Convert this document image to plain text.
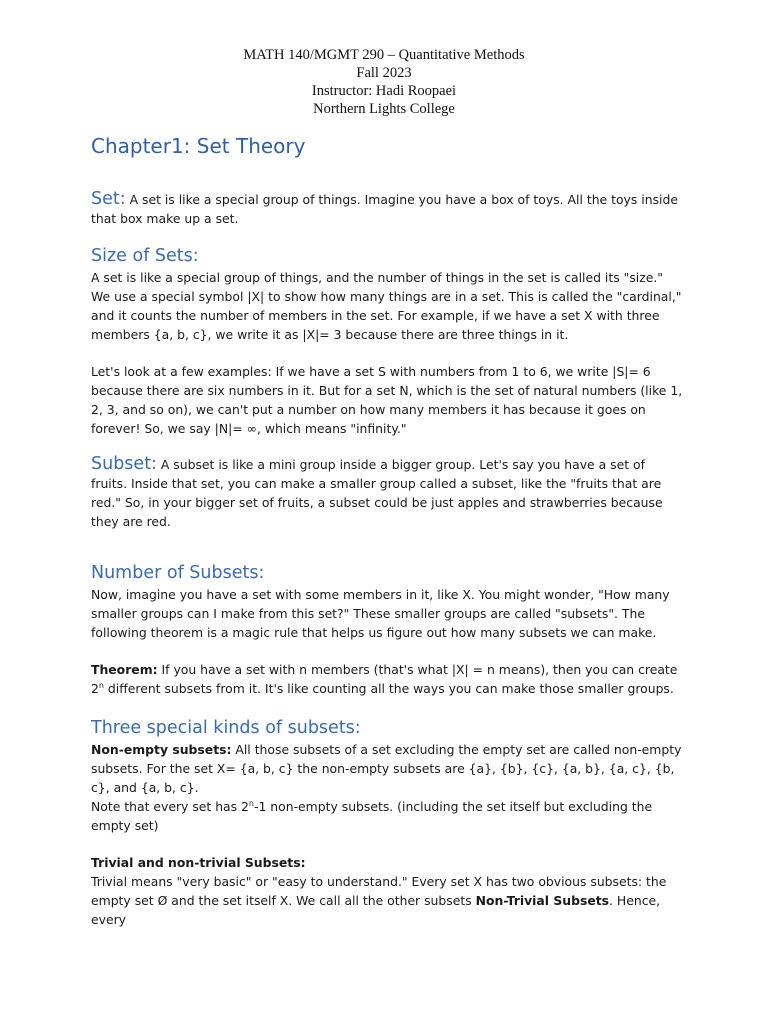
MATH 140/MGMT 290 – Quantitative Methods
Fall 2023
Instructor: Hadi Roopaei
Northern Lights College
Chapter1: Set Theory

Set: A set is like a special group of things. Imagine you have a box of toys. All the toys inside that box make up a set.

Size of Sets:

A set is like a special group of things, and the number of things in the set is called its "size." We use a special symbol |X| to show how many things are in a set. This is called the "cardinal," and it counts the number of members in the set. For example, if we have a set X with three members {a, b, c}, we write it as |X|= 3 because there are three things in it.

Let's look at a few examples: If we have a set S with numbers from 1 to 6, we write |S|= 6 because there are six numbers in it. But for a set N, which is the set of natural numbers (like 1, 2, 3, and so on), we can't put a number on how many members it has because it goes on forever! So, we say |N|= ∞, which means "infinity."

Subset: A subset is like a mini group inside a bigger group. Let's say you have a set of fruits. Inside that set, you can make a smaller group called a subset, like the "fruits that are red." So, in your bigger set of fruits, a subset could be just apples and strawberries because they are red.

Number of Subsets:

Now, imagine you have a set with some members in it, like X. You might wonder, "How many smaller groups can I make from this set?" These smaller groups are called "subsets". The following theorem is a magic rule that helps us figure out how many subsets we can make.

Theorem: If you have a set with n members (that's what |X| = n means), then you can create 2$^n$ different subsets from it. It's like counting all the ways you can make those smaller groups.

Three special kinds of subsets:

Non-empty subsets: All those subsets of a set excluding the empty set are called non-empty subsets. For the set X= {a, b, c} the non-empty subsets are {a}, {b}, {c}, {a, b}, {a, c}, {b, c}, and {a, b, c}.

Note that every set has 2$^n$-1 non-empty subsets. (including the set itself but excluding the empty set)

Trivial and non-trivial Subsets:

Trivial means "very basic" or "easy to understand." Every set X has two obvious subsets: the empty set Ø and the set itself X. We call all the other subsets Non-Trivial Subsets. Hence, every
